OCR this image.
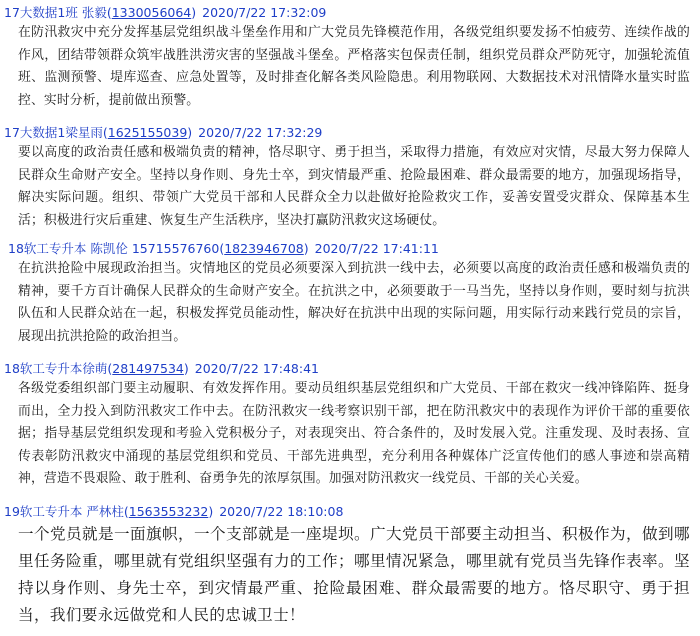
17大数据1班 张毅(1330056064) 2020/7/22 17:32:09
在防汛救灾中充分发挥基层党组织战斗堡垒作用和广大党员先锋模范作用，各级党组织要发扬不怕疲劳、连续作战的作风，团结带领群众筑牢战胜洪涝灾害的坚强战斗堡垒。严格落实包保责任制，组织党员群众严防死守，加强轮流值班、监测预警、堤库巡查、应急处置等，及时排查化解各类风险隐患。利用物联网、大数据技术对汛情降水量实时监控、实时分析，提前做出预警。
17大数据1梁星雨(1625155039) 2020/7/22 17:32:29
要以高度的政治责任感和极端负责的精神，恪尽职守、勇于担当，采取得力措施，有效应对灾情，尽最大努力保障人民群众生命财产安全。坚持以身作则、身先士卒，到灾情最严重、抢险最困难、群众最需要的地方，加强现场指导，解决实际问题。组织、带领广大党员干部和人民群众全力以赴做好抢险救灾工作，妥善安置受灾群众、保障基本生活；积极进行灾后重建、恢复生产生活秩序，坚决打赢防汛救灾这场硬仗。
18软工专升本 陈凯伦 15715576760(1823946708) 2020/7/22 17:41:11
在抗洪抢险中展现政治担当。灾情地区的党员必须要深入到抗洪一线中去，必须要以高度的政治责任感和极端负责的精神，要千方百计确保人民群众的生命财产安全。在抗洪之中，必须要敢于一马当先，坚持以身作则，要时刻与抗洪队伍和人民群众站在一起，积极发挥党员能动性，解决好在抗洪中出现的实际问题，用实际行动来践行党员的宗旨，展现出抗洪抢险的政治担当。
18软工专升本徐萌(281497534) 2020/7/22 17:48:41
各级党委组织部门要主动履职、有效发挥作用。要动员组织基层党组织和广大党员、干部在救灾一线冲锋陷阵、挺身而出，全力投入到防汛救灾工作中去。在防汛救灾一线考察识别干部，把在防汛救灾中的表现作为评价干部的重要依据；指导基层党组织发现和考验入党积极分子，对表现突出、符合条件的，及时发展入党。注重发现、及时表扬、宣传表彰防汛救灾中涌现的基层党组织和党员、干部先进典型，充分利用各种媒体广泛宣传他们的感人事迹和崇高精神，营造不畏艰险、敢于胜利、奋勇争先的浓厚氛围。加强对防汛救灾一线党员、干部的关心关爱。
19软工专升本 严林柱(1563553232) 2020/7/22 18:10:08
一个党员就是一面旗帜，一个支部就是一座堤坝。广大党员干部要主动担当、积极作为，做到哪里任务险重，哪里就有党组织坚强有力的工作；哪里情况紧急，哪里就有党员当先锋作表率。坚持以身作则、身先士卒，到灾情最严重、抢险最困难、群众最需要的地方。恪尽职守、勇于担当，我们要永远做党和人民的忠诚卫士！
